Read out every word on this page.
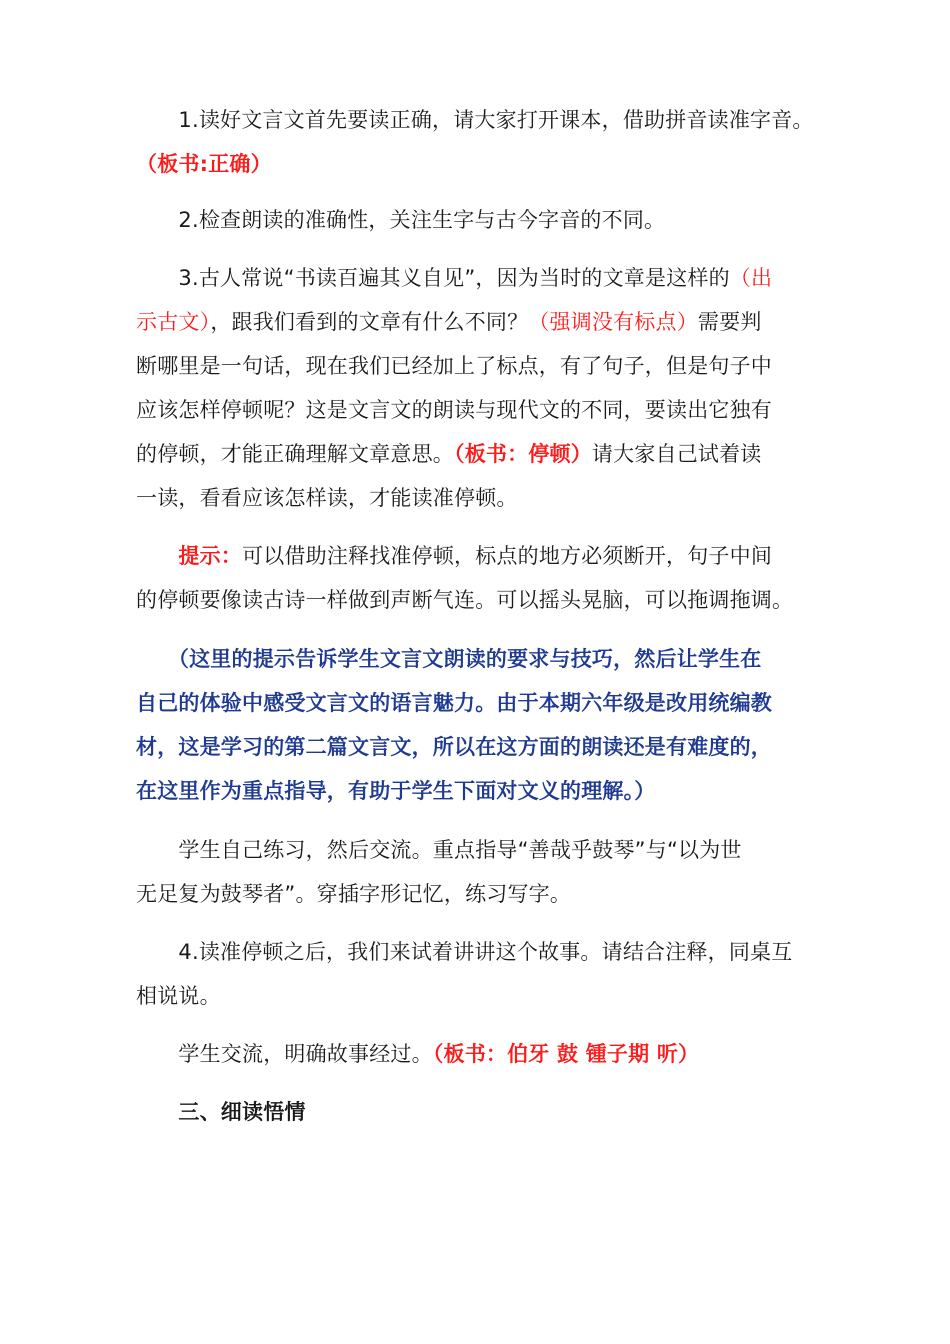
　　1.读好文言文首先要读正确，请大家打开课本，借助拼音读准字音。
（板书:正确）
　　2.检查朗读的准确性，关注生字与古今字音的不同。
　　3.古人常说“书读百遍其义自见”，因为当时的文章是这样的（出
示古文），跟我们看到的文章有什么不同？（强调没有标点）需要判
断哪里是一句话，现在我们已经加上了标点，有了句子，但是句子中
应该怎样停顿呢？这是文言文的朗读与现代文的不同，要读出它独有
的停顿，才能正确理解文章意思。（板书：停顿）请大家自己试着读
一读，看看应该怎样读，才能读准停顿。
　　提示：可以借助注释找准停顿，标点的地方必须断开，句子中间
的停顿要像读古诗一样做到声断气连。可以摇头晃脑，可以拖调拖调。
　　（这里的提示告诉学生文言文朗读的要求与技巧，然后让学生在
自己的体验中感受文言文的语言魅力。由于本期六年级是改用统编教
材，这是学习的第二篇文言文，所以在这方面的朗读还是有难度的，
在这里作为重点指导，有助于学生下面对文义的理解。）
　　学生自己练习，然后交流。重点指导“善哉乎鼓琴”与“以为世
无足复为鼓琴者”。穿插字形记忆，练习写字。
　　4.读准停顿之后，我们来试着讲讲这个故事。请结合注释，同桌互
相说说。
　　学生交流，明确故事经过。（板书：伯牙 鼓 锺子期 听）
　　三、细读悟情
